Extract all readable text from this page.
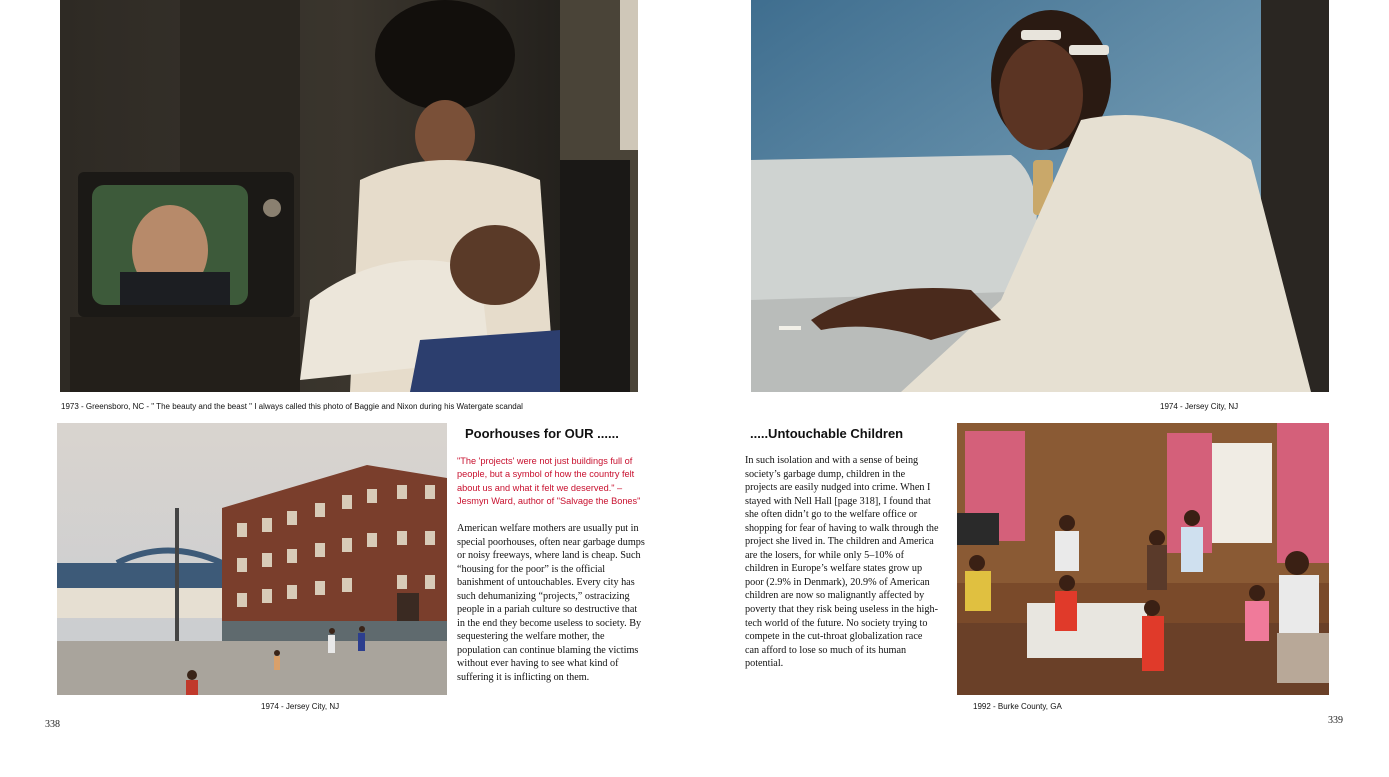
1973 - Greensboro, NC - " The beauty and the beast " I always called this photo of Baggie and Nixon during his Watergate scandal
1974 - Jersey City, NJ
Poorhouses for OUR ......
"The 'projects' were not just buildings full of people, but a symbol of how the country felt about us and what it felt we deserved." – Jesmyn Ward, author of "Salvage the Bones"
American welfare mothers are usually put in special poorhouses, often near garbage dumps or noisy freeways, where land is cheap. Such “housing for the poor” is the official banishment of untouchables. Every city has such dehumanizing “projects,” ostracizing people in a pariah culture so destructive that in the end they become useless to society. By sequestering the welfare mother, the population can continue blaming the victims without ever having to see what kind of suffering it is inflicting on them.
338
1974 - Jersey City, NJ
.....Untouchable Children
In such isolation and with a sense of being society’s garbage dump, children in the projects are easily nudged into crime. When I stayed with Nell Hall [page 318], I found that she often didn’t go to the welfare office or shopping for fear of having to walk through the project she lived in. The children and America are the losers, for while only 5–10% of children in Europe’s welfare states grow up poor (2.9% in Denmark), 20.9% of American children are now so malignantly affected by poverty that they risk being useless in the high-tech world of the future. No society trying to compete in the cut-throat globalization race can afford to lose so much of its human potential.
1992 - Burke County, GA
339
